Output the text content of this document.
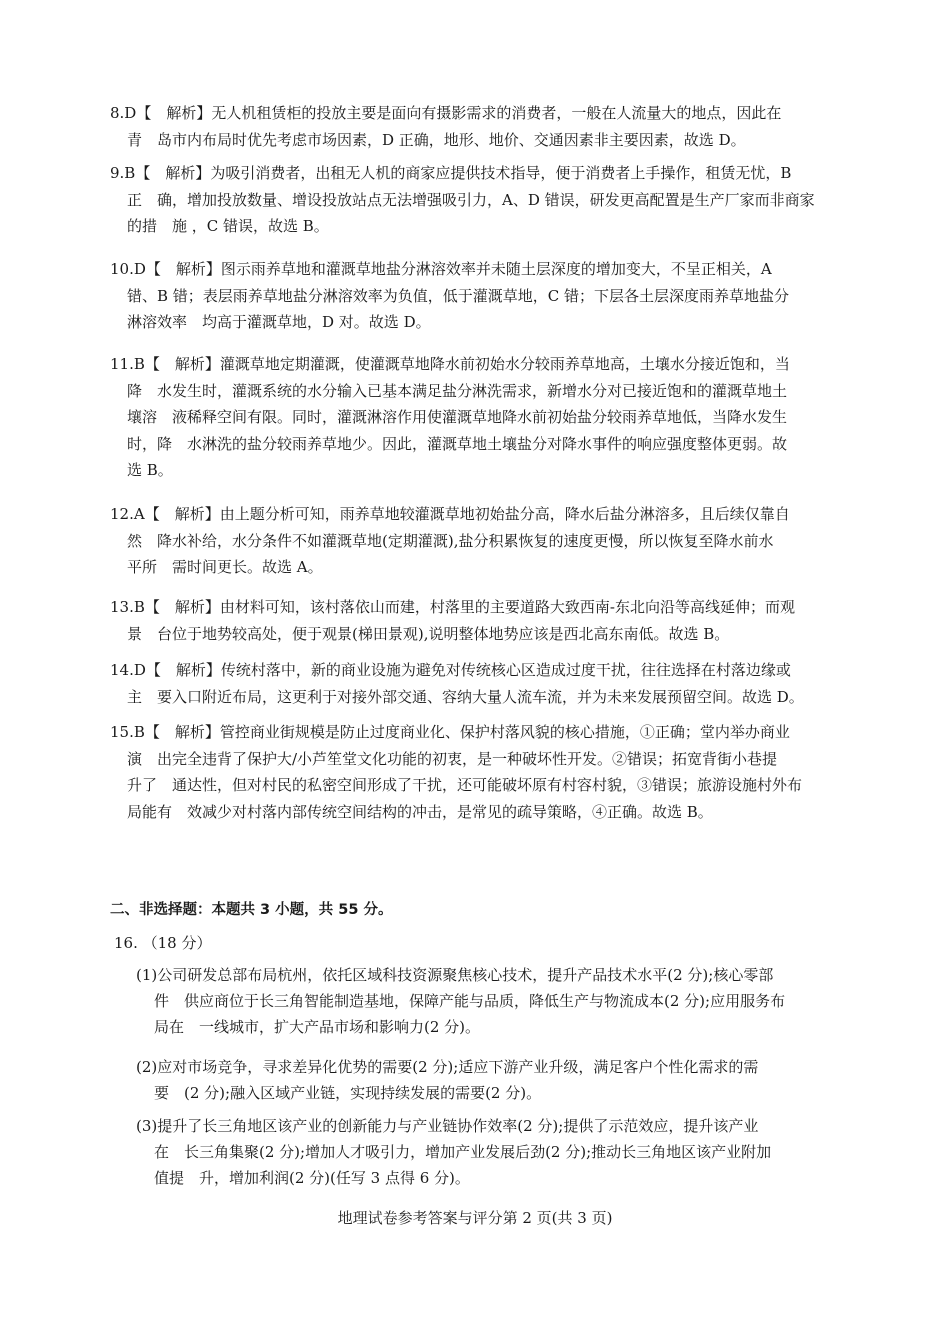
8.D【　解析】无人机租赁柜的投放主要是面向有摄影需求的消费者，一般在人流量大的地点，因此在
青　岛市内布局时优先考虑市场因素，D 正确，地形、地价、交通因素非主要因素，故选 D。
9.B【　解析】为吸引消费者，出租无人机的商家应提供技术指导，便于消费者上手操作，租赁无忧，B
正　确，增加投放数量、增设投放站点无法增强吸引力，A、D 错误，研发更高配置是生产厂家而非商家
的措　施 ，C 错误，故选 B。
10.D【　解析】图示雨养草地和灌溉草地盐分淋溶效率并未随土层深度的增加变大，不呈正相关，A
错、B 错；表层雨养草地盐分淋溶效率为负值，低于灌溉草地，C 错；下层各土层深度雨养草地盐分
淋溶效率　均高于灌溉草地，D 对。故选 D。
11.B【　解析】灌溉草地定期灌溉，使灌溉草地降水前初始水分较雨养草地高，土壤水分接近饱和，当
降　水发生时，灌溉系统的水分输入已基本满足盐分淋洗需求，新增水分对已接近饱和的灌溉草地土
壤溶　液稀释空间有限。同时，灌溉淋溶作用使灌溉草地降水前初始盐分较雨养草地低，当降水发生
时，降　水淋洗的盐分较雨养草地少。因此，灌溉草地土壤盐分对降水事件的响应强度整体更弱。故
选 B。
12.A【　解析】由上题分析可知，雨养草地较灌溉草地初始盐分高，降水后盐分淋溶多，且后续仅靠自
然　降水补给，水分条件不如灌溉草地(定期灌溉),盐分积累恢复的速度更慢，所以恢复至降水前水
平所　需时间更长。故选 A。
13.B【　解析】由材料可知，该村落依山而建，村落里的主要道路大致西南-东北向沿等高线延伸；而观
景　台位于地势较高处，便于观景(梯田景观),说明整体地势应该是西北高东南低。故选 B。
14.D【　解析】传统村落中，新的商业设施为避免对传统核心区造成过度干扰，往往选择在村落边缘或
主　要入口附近布局，这更利于对接外部交通、容纳大量人流车流，并为未来发展预留空间。故选 D。
15.B【　解析】管控商业街规模是防止过度商业化、保护村落风貌的核心措施，①正确；堂内举办商业
演　出完全违背了保护大/小芦笙堂文化功能的初衷，是一种破坏性开发。②错误；拓宽背街小巷提
升了　通达性，但对村民的私密空间形成了干扰，还可能破坏原有村容村貌，③错误；旅游设施村外布
局能有　效减少对村落内部传统空间结构的冲击，是常见的疏导策略，④正确。故选 B。
二、非选择题：本题共 3 小题，共 55 分。
16. （18 分）
(1)公司研发总部布局杭州，依托区域科技资源聚焦核心技术，提升产品技术水平(2 分);核心零部
件　供应商位于长三角智能制造基地，保障产能与品质，降低生产与物流成本(2 分);应用服务布
局在　一线城市，扩大产品市场和影响力(2 分)。
(2)应对市场竞争，寻求差异化优势的需要(2 分);适应下游产业升级，满足客户个性化需求的需
要　(2 分);融入区域产业链，实现持续发展的需要(2 分)。
(3)提升了长三角地区该产业的创新能力与产业链协作效率(2 分);提供了示范效应，提升该产业
在　长三角集聚(2 分);增加人才吸引力，增加产业发展后劲(2 分);推动长三角地区该产业附加
值提　升，增加利润(2 分)(任写 3 点得 6 分)。
地理试卷参考答案与评分第 2 页(共 3 页)
